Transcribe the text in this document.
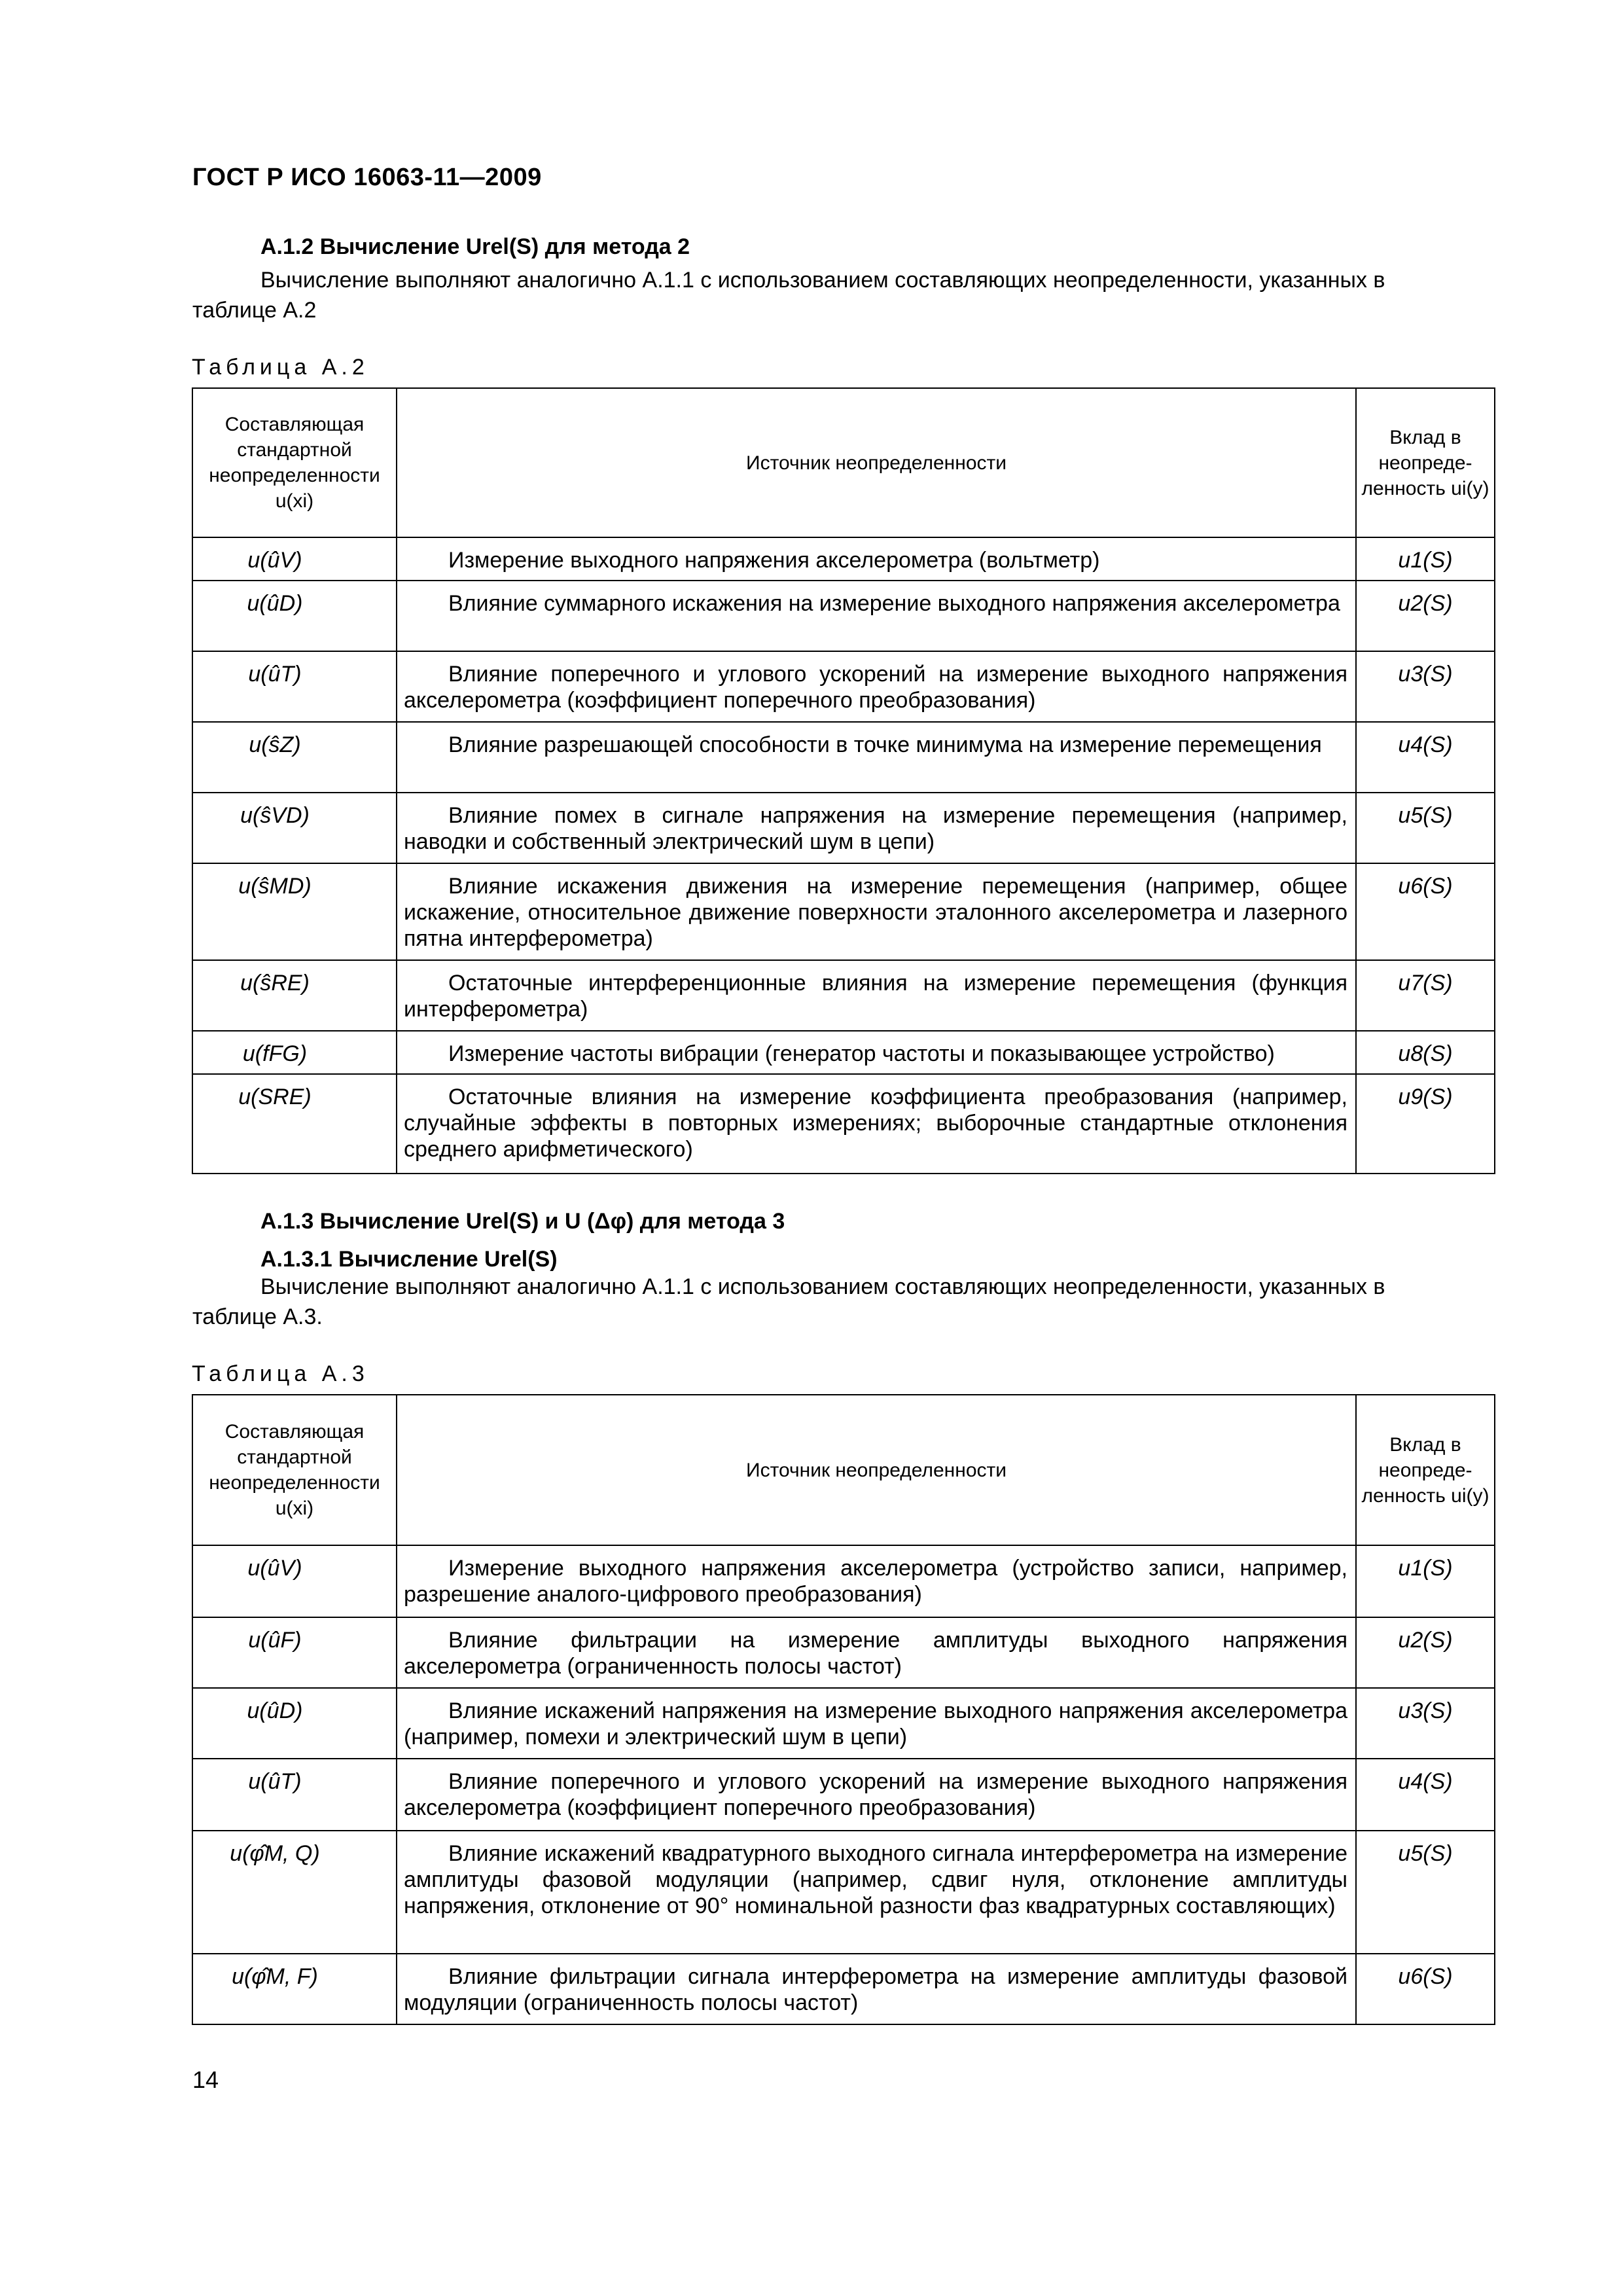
ГОСТ Р ИСО 16063-11—2009
А.1.2 Вычисление Urel(S) для метода 2
Вычисление выполняют аналогично А.1.1 с использованием составляющих неопределенности, указанных в
таблице А.2
Таблица А.2
Составляющая стандартной неопределенности u(xi)	Источник неопределенности	Вклад в неопреде- ленность ui(y)
u(ûV)	Измерение выходного напряжения акселерометра (вольтметр)	u1(S)
u(ûD)	Влияние суммарного искажения на измерение выходного напряжения акселерометра	u2(S)
u(ûT)	Влияние поперечного и углового ускорений на измерение выходного напряжения акселерометра (коэффициент поперечного преобразования)	u3(S)
u(ŝZ)	Влияние разрешающей способности в точке минимума на измерение перемещения	u4(S)
u(ŝVD)	Влияние помех в сигнале напряжения на измерение перемещения (например, наводки и собственный электрический шум в цепи)	u5(S)
u(ŝMD)	Влияние искажения движения на измерение перемещения (например, общее искажение, относительное движение поверхности эталонного акселерометра и лазерного пятна интерферометра)	u6(S)
u(ŝRE)	Остаточные интерференционные влияния на измерение перемещения (функция интерферометра)	u7(S)
u(fFG)	Измерение частоты вибрации (генератор частоты и показывающее устройство)	u8(S)
u(SRE)	Остаточные влияния на измерение коэффициента преобразования (например, случайные эффекты в повторных измерениях; выборочные стандартные отклонения среднего арифметического)	u9(S)
А.1.3 Вычисление Urel(S) и U (Δφ) для метода 3
А.1.3.1 Вычисление Urel(S)
Вычисление выполняют аналогично А.1.1 с использованием составляющих неопределенности, указанных в
таблице А.3.
Таблица А.3
Составляющая стандартной неопределенности u(xi)	Источник неопределенности	Вклад в неопреде- ленность ui(y)
u(ûV)	Измерение выходного напряжения акселерометра (устройство записи, например, разрешение аналого-цифрового преобразования)	u1(S)
u(ûF)	Влияние фильтрации на измерение амплитуды выходного напряжения акселерометра (ограниченность полосы частот)	u2(S)
u(ûD)	Влияние искажений напряжения на измерение выходного напряжения акселерометра (например, помехи и электрический шум в цепи)	u3(S)
u(ûT)	Влияние поперечного и углового ускорений на измерение выходного напряжения акселерометра (коэффициент поперечного преобразования)	u4(S)
u(φ̂M, Q)	Влияние искажений квадратурного выходного сигнала интерферометра на измерение амплитуды фазовой модуляции (например, сдвиг нуля, отклонение амплитуды напряжения, отклонение от 90° номинальной разности фаз квадратурных составляющих)	u5(S)
u(φ̂M, F)	Влияние фильтрации сигнала интерферометра на измерение амплитуды фазовой модуляции (ограниченность полосы частот)	u6(S)
14
